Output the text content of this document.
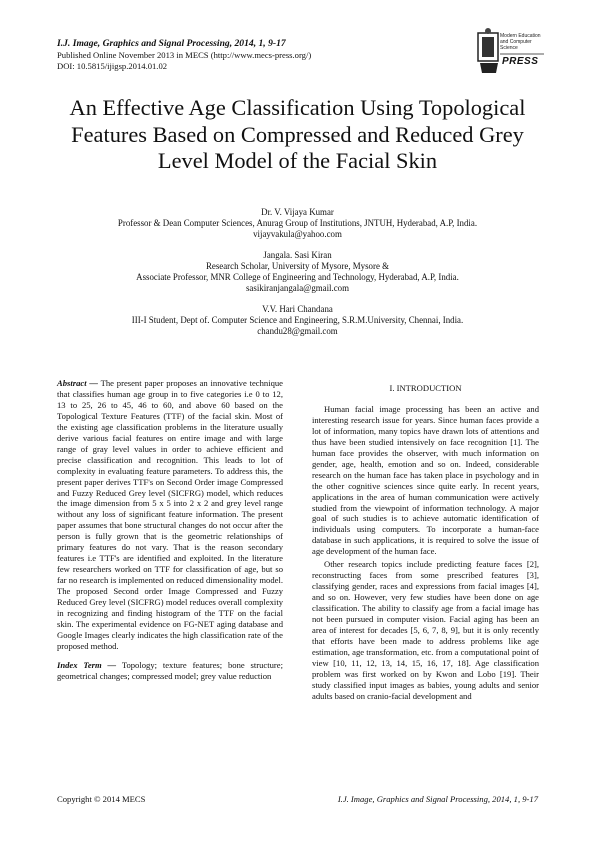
I.J. Image, Graphics and Signal Processing, 2014, 1, 9-17
Published Online November 2013 in MECS (http://www.mecs-press.org/)
DOI: 10.5815/ijigsp.2014.01.02
Modern Education and Computer Science
PRESS
An Effective Age Classification Using Topological Features Based on Compressed and Reduced Grey Level Model of the Facial Skin
Dr. V. Vijaya Kumar
Professor & Dean Computer Sciences, Anurag Group of Institutions, JNTUH, Hyderabad, A.P, India.
vijayvakula@yahoo.com
Jangala. Sasi Kiran
Research Scholar, University of Mysore, Mysore &
Associate Professor, MNR College of Engineering and Technology, Hyderabad, A.P, India.
sasikiranjangala@gmail.com
V.V. Hari Chandana
III-I Student, Dept of. Computer Science and Engineering, S.R.M.University, Chennai, India.
chandu28@gmail.com
Abstract — The present paper proposes an innovative technique that classifies human age group in to five categories i.e 0 to 12, 13 to 25, 26 to 45, 46 to 60, and above 60 based on the Topological Texture Features (TTF) of the facial skin. Most of the existing age classification problems in the literature usually derive various facial features on entire image and with large range of gray level values in order to achieve efficient and precise classification and recognition. This leads to lot of complexity in evaluating feature parameters. To address this, the present paper derives TTF's on Second Order image Compressed and Fuzzy Reduced Grey level (SICFRG) model, which reduces the image dimension from 5 x 5 into 2 x 2 and grey level range without any loss of significant feature information. The present paper assumes that bone structural changes do not occur after the person is fully grown that is the geometric relationships of primary features do not vary. That is the reason secondary features i.e TTF's are identified and exploited. In the literature few researchers worked on TTF for classification of age, but so far no research is implemented on reduced dimensionality model. The proposed Second order Image Compressed and Fuzzy Reduced Grey level (SICFRG) model reduces overall complexity in recognizing and finding histogram of the TTF on the facial skin. The experimental evidence on FG-NET aging database and Google Images clearly indicates the high classification rate of the proposed method.
Index Term — Topology; texture features; bone structure; geometrical changes; compressed model; grey value reduction
I. INTRODUCTION

Human facial image processing has been an active and interesting research issue for years. Since human faces provide a lot of information, many topics have drawn lots of attentions and thus have been studied intensively on face recognition [1]. The human face provides the observer, with much information on gender, age, health, emotion and so on. Indeed, considerable research on the human face has taken place in psychology and in the other cognitive sciences since quite early. In recent years, applications in the area of human communication were actively studied from the viewpoint of information technology. A major goal of such studies is to achieve automatic identification of individuals using computers. To incorporate a human-face database in such applications, it is required to solve the issue of age development of the human face.

Other research topics include predicting feature faces [2], reconstructing faces from some prescribed features [3], classifying gender, races and expressions from facial images [4], and so on. However, very few studies have been done on age classification. The ability to classify age from a facial image has not been pursued in computer vision. Facial aging has been an area of interest for decades [5, 6, 7, 8, 9], but it is only recently that efforts have been made to address problems like age estimation, age transformation, etc. from a computational point of view [10, 11, 12, 13, 14, 15, 16, 17, 18]. Age classification problem was first worked on by Kwon and Lobo [19]. Their study classified input images as babies, young adults and senior adults based on cranio-facial development and

Copyright © 2014 MECS	I.J. Image, Graphics and Signal Processing, 2014, 1, 9-17
